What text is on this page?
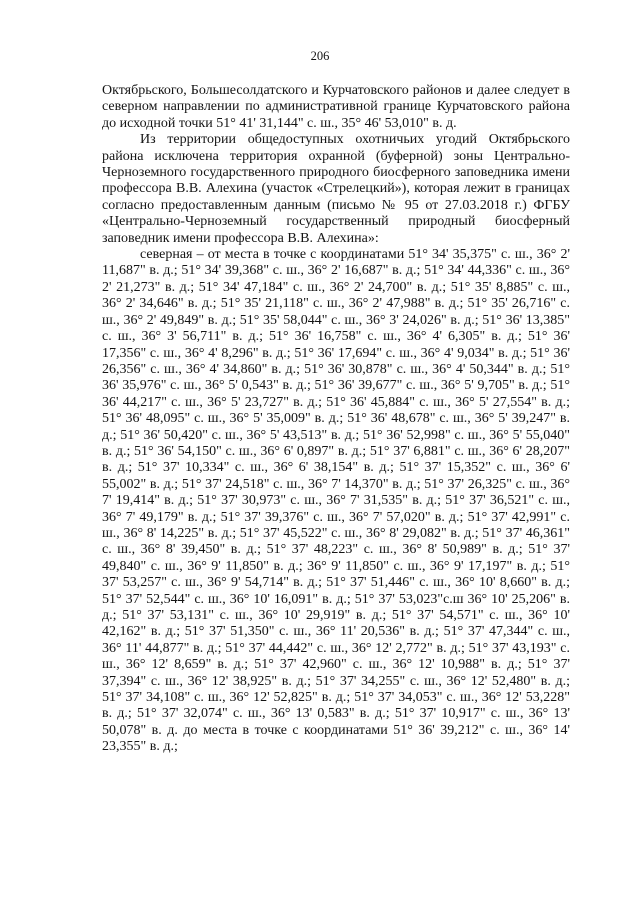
206

Октябрьского, Большесолдатского и Курчатовского районов и далее следует в северном направлении по административной границе Курчатовского района до исходной точки 51° 41' 31,144" с. ш., 35° 46' 53,010" в. д.

Из территории общедоступных охотничьих угодий Октябрьского района исключена территория охранной (буферной) зоны Центрально-Черноземного государственного природного биосферного заповедника имени профессора В.В. Алехина (участок «Стрелецкий»), которая лежит в границах согласно предоставленным данным (письмо № 95 от 27.03.2018 г.) ФГБУ «Центрально-Черноземный государственный природный биосферный заповедник имени профессора В.В. Алехина»:

северная – от места в точке с координатами 51° 34' 35,375" с. ш., 36° 2' 11,687" в. д.; 51° 34' 39,368" с. ш., 36° 2' 16,687" в. д.; 51° 34' 44,336" с. ш., 36° 2' 21,273" в. д.; 51° 34' 47,184" с. ш., 36° 2' 24,700" в. д.; 51° 35' 8,885" с. ш., 36° 2' 34,646" в. д.; 51° 35' 21,118" с. ш., 36° 2' 47,988" в. д.; 51° 35' 26,716" с. ш., 36° 2' 49,849" в. д.; 51° 35' 58,044" с. ш., 36° 3' 24,026" в. д.; 51° 36' 13,385" с. ш., 36° 3' 56,711" в. д.; 51° 36' 16,758" с. ш., 36° 4' 6,305" в. д.; 51° 36' 17,356" с. ш., 36° 4' 8,296" в. д.; 51° 36' 17,694" с. ш., 36° 4' 9,034" в. д.; 51° 36' 26,356" с. ш., 36° 4' 34,860" в. д.; 51° 36' 30,878" с. ш., 36° 4' 50,344" в. д.; 51° 36' 35,976" с. ш., 36° 5' 0,543" в. д.; 51° 36' 39,677" с. ш., 36° 5' 9,705" в. д.; 51° 36' 44,217" с. ш., 36° 5' 23,727" в. д.; 51° 36' 45,884" с. ш., 36° 5' 27,554" в. д.; 51° 36' 48,095" с. ш., 36° 5' 35,009" в. д.; 51° 36' 48,678" с. ш., 36° 5' 39,247" в. д.; 51° 36' 50,420" с. ш., 36° 5' 43,513" в. д.; 51° 36' 52,998" с. ш., 36° 5' 55,040" в. д.; 51° 36' 54,150" с. ш., 36° 6' 0,897" в. д.; 51° 37' 6,881" с. ш., 36° 6' 28,207" в. д.; 51° 37' 10,334" с. ш., 36° 6' 38,154" в. д.; 51° 37' 15,352" с. ш., 36° 6' 55,002" в. д.; 51° 37' 24,518" с. ш., 36° 7' 14,370" в. д.; 51° 37' 26,325" с. ш., 36° 7' 19,414" в. д.; 51° 37' 30,973" с. ш., 36° 7' 31,535" в. д.; 51° 37' 36,521" с. ш., 36° 7' 49,179" в. д.; 51° 37' 39,376" с. ш., 36° 7' 57,020" в. д.; 51° 37' 42,991" с. ш., 36° 8' 14,225" в. д.; 51° 37' 45,522" с. ш., 36° 8' 29,082" в. д.; 51° 37' 46,361" с. ш., 36° 8' 39,450" в. д.; 51° 37' 48,223" с. ш., 36° 8' 50,989" в. д.; 51° 37' 49,840" с. ш., 36° 9' 11,850" в. д.; 36° 9' 11,850" с. ш., 36° 9' 17,197" в. д.; 51° 37' 53,257" с. ш., 36° 9' 54,714" в. д.; 51° 37' 51,446" с. ш., 36° 10' 8,660" в. д.; 51° 37' 52,544" с. ш., 36° 10' 16,091" в. д.; 51° 37' 53,023"с.ш 36° 10' 25,206" в. д.; 51° 37' 53,131" с. ш., 36° 10' 29,919" в. д.; 51° 37' 54,571" с. ш., 36° 10' 42,162" в. д.; 51° 37' 51,350" с. ш., 36° 11' 20,536" в. д.; 51° 37' 47,344" с. ш., 36° 11' 44,877" в. д.; 51° 37' 44,442" с. ш., 36° 12' 2,772" в. д.; 51° 37' 43,193" с. ш., 36° 12' 8,659" в. д.; 51° 37' 42,960" с. ш., 36° 12' 10,988" в. д.; 51° 37' 37,394" с. ш., 36° 12' 38,925" в. д.; 51° 37' 34,255" с. ш., 36° 12' 52,480" в. д.; 51° 37' 34,108" с. ш., 36° 12' 52,825" в. д.; 51° 37' 34,053" с. ш., 36° 12' 53,228" в. д.; 51° 37' 32,074" с. ш., 36° 13' 0,583" в. д.; 51° 37' 10,917" с. ш., 36° 13' 50,078" в. д. до места в точке с координатами 51° 36' 39,212" с. ш., 36° 14' 23,355" в. д.;
